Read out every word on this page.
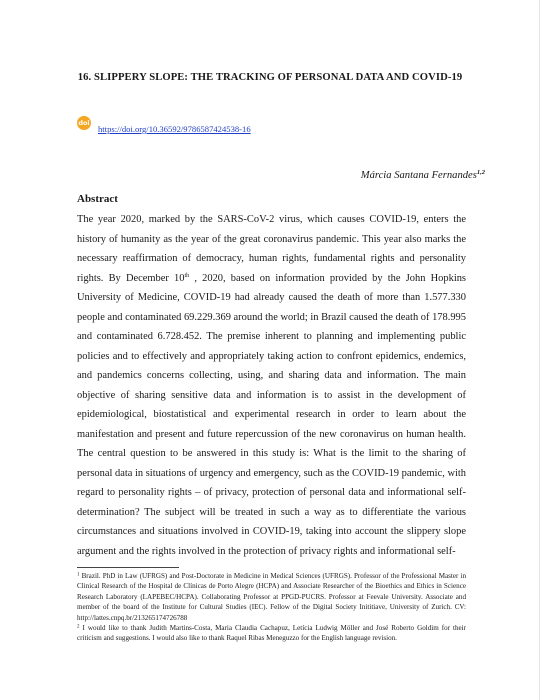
16. SLIPPERY SLOPE: THE TRACKING OF PERSONAL DATA AND COVID-19
doi
https://doi.org/10.36592/9786587424538-16
Márcia Santana Fernandes$^{1,2}$
Abstract

The year 2020, marked by the SARS-CoV-2 virus, which causes COVID-19, enters the history of humanity as the year of the great coronavirus pandemic. This year also marks the necessary reaffirmation of democracy, human rights, fundamental rights and personality rights. By December 10th , 2020, based on information provided by the John Hopkins University of Medicine, COVID-19 had already caused the death of more than 1.577.330 people and contaminated 69.229.369 around the world; in Brazil caused the death of 178.995 and contaminated 6.728.452. The premise inherent to planning and implementing public policies and to effectively and appropriately taking action to confront epidemics, endemics, and pandemics concerns collecting, using, and sharing data and information. The main objective of sharing sensitive data and information is to assist in the development of epidemiological, biostatistical and experimental research in order to learn about the manifestation and present and future repercussion of the new coronavirus on human health. The central question to be answered in this study is: What is the limit to the sharing of personal data in situations of urgency and emergency, such as the COVID-19 pandemic, with regard to personality rights – of privacy, protection of personal data and informational self-determination? The subject will be treated in such a way as to differentiate the various circumstances and situations involved in COVID-19, taking into account the slippery slope argument and the rights involved in the protection of privacy rights and informational self-

$^1$ Brazil. PhD in Law (UFRGS) and Post-Doctorate in Medicine in Medical Sciences (UFRGS). Professor of the Professional Master in Clinical Research of the Hospital de Clínicas de Porto Alegre (HCPA) and Associate Researcher of the Bioethics and Ethics in Science Research Laboratory (LAPEBEC/HCPA). Collaborating Professor at PPGD-PUCRS. Professor at Feevale University. Associate and member of the board of the Institute for Cultural Studies (IEC). Fellow of the Digital Society Inititiave, University of Zurich. CV: http://lattes.cnpq.br/2132651747267​88

$^2$ I would like to thank Judith Martins-Costa, Maria Claudia Cachapuz, Letícia Ludwig Möller and José Roberto Goldim for their criticism and suggestions. I would also like to thank Raquel Ribas Meneguzzo for the English language revision.
